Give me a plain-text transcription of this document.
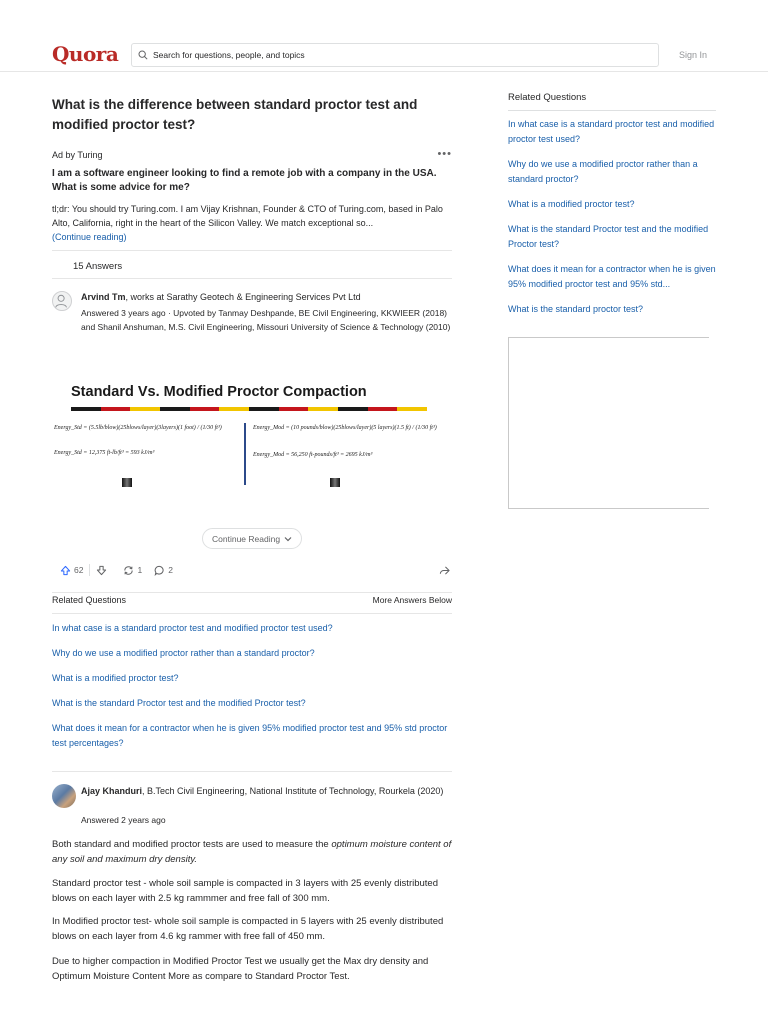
Quora
Search for questions, people, and topics	Sign In
What is the difference between standard proctor test and modified proctor test?
Ad by Turing	•••
I am a software engineer looking to find a remote job with a company in the USA. What is some advice for me?
tl;dr: You should try Turing.com. I am Vijay Krishnan, Founder & CTO of Turing.com, based in Palo Alto, California, right in the heart of the Silicon Valley. We match exceptional so...
(Continue reading)
15 Answers
Arvind Tm, works at Sarathy Geotech & Engineering Services Pvt Ltd
Answered 3 years ago · Upvoted by Tanmay Deshpande, BE Civil Engineering, KKWIEER (2018) and Shanil Anshuman, M.S. Civil Engineering, Missouri University of Science & Technology (2010)
Standard Vs. Modified Proctor Compaction
Energy_Std = (5.5lb/blow)(25blows/layer)(3layers)(1 foot) / (1/30 ft³)
Energy_Std = 12,375 ft-lb/ft³ = 593 kJ/m³
Energy_Mod = (10 pounds/blow)(25blows/layer)(5 layers)(1.5 ft) / (1/30 ft³)
Energy_Mod = 56,250 ft-pounds/ft³ = 2695 kJ/m³
Continue Reading
62	1	2
Related Questions	More Answers Below
In what case is a standard proctor test and modified proctor test used?
Why do we use a modified proctor rather than a standard proctor?
What is a modified proctor test?
What is the standard Proctor test and the modified Proctor test?
What does it mean for a contractor when he is given 95% modified proctor test and 95% std proctor test percentages?
Ajay Khanduri, B.Tech Civil Engineering, National Institute of Technology, Rourkela (2020)
Answered 2 years ago
Both standard and modified proctor tests are used to measure the optimum moisture content of any soil and maximum dry density.
Standard proctor test - whole soil sample is compacted in 3 layers with 25 evenly distributed blows on each layer with 2.5 kg rammmer and free fall of 300 mm.
In Modified proctor test- whole soil sample is compacted in 5 layers with 25 evenly distributed blows on each layer from 4.6 kg rammer with free fall of 450 mm.
Due to higher compaction in Modified Proctor Test we usually get the Max dry density and Optimum Moisture Content More as compare to Standard Proctor Test.
Related Questions
In what case is a standard proctor test and modified proctor test used?
Why do we use a modified proctor rather than a standard proctor?
What is a modified proctor test?
What is the standard Proctor test and the modified Proctor test?
What does it mean for a contractor when he is given 95% modified proctor test and 95% std...
What is the standard proctor test?
